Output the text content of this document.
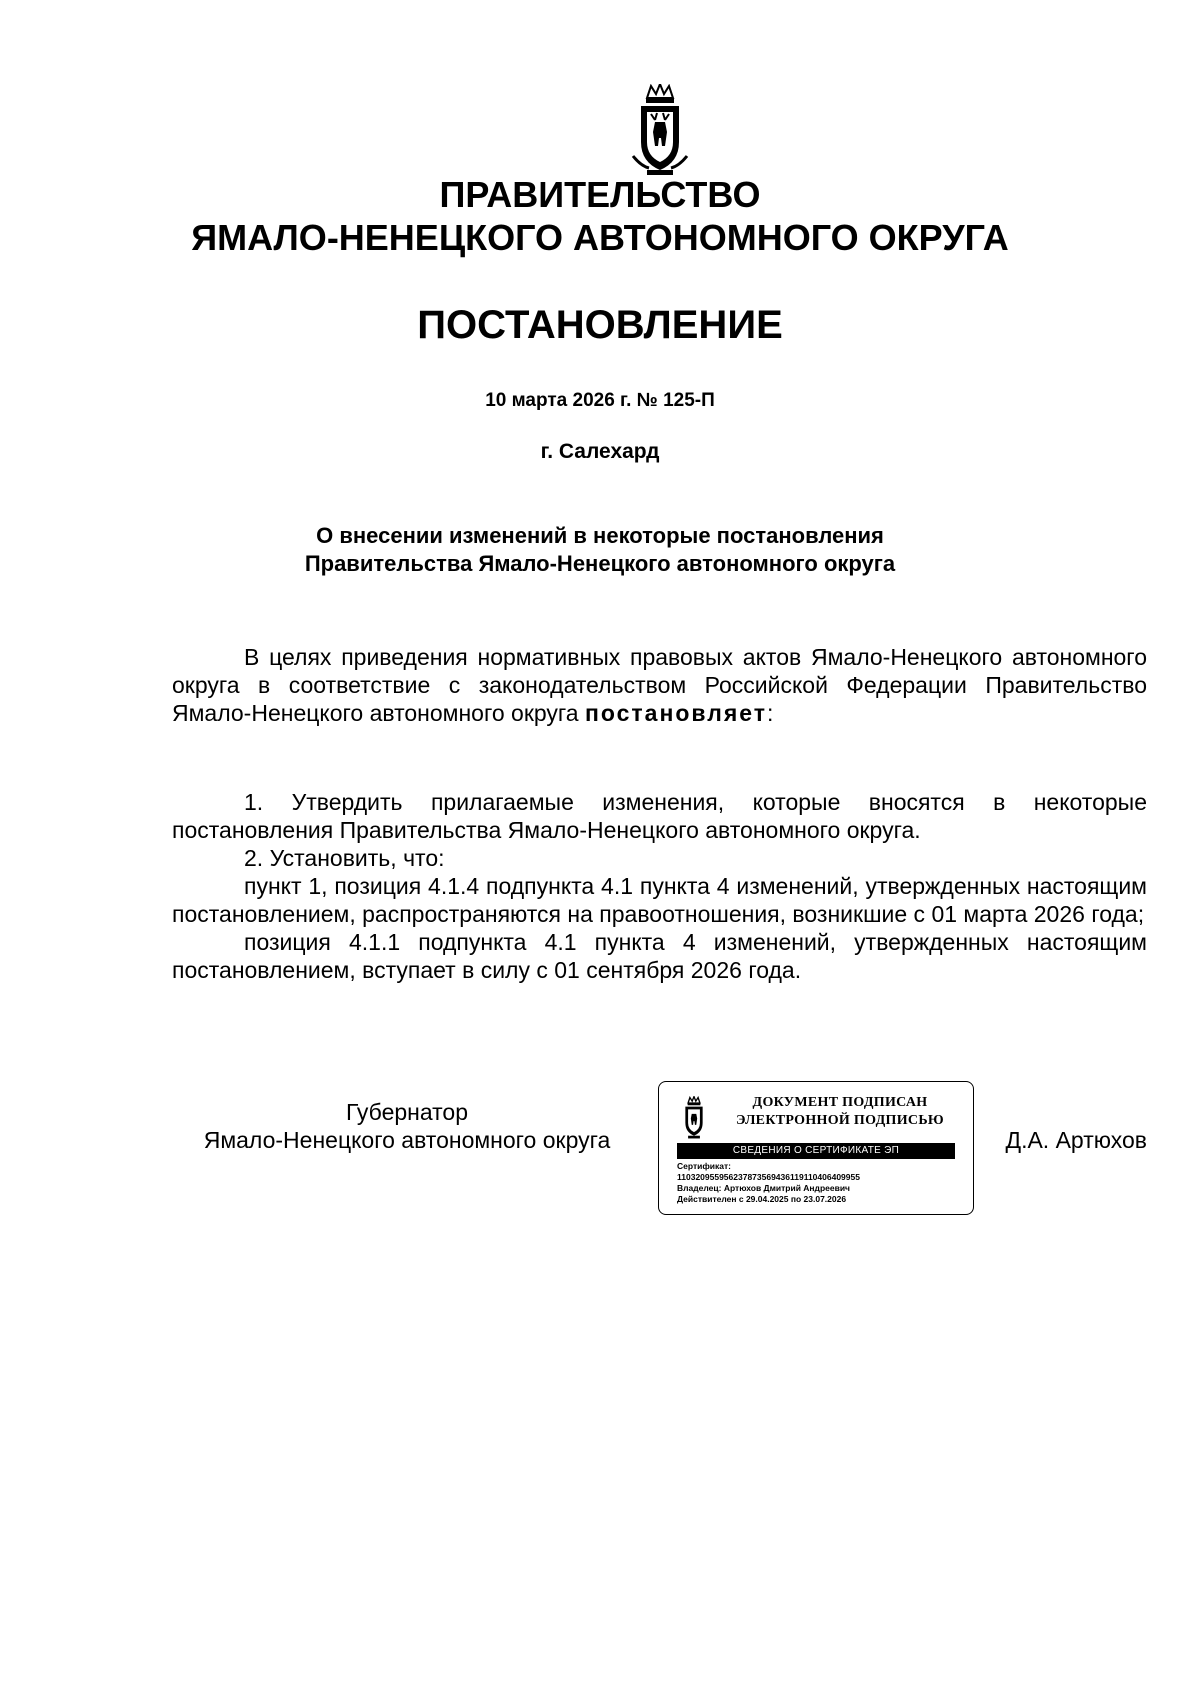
ПРАВИТЕЛЬСТВО
ЯМАЛО-НЕНЕЦКОГО АВТОНОМНОГО ОКРУГА
ПОСТАНОВЛЕНИЕ
10 марта 2026 г. № 125-П
г. Салехард
О внесении изменений в некоторые постановления
Правительства Ямало-Ненецкого автономного округа

В целях приведения нормативных правовых актов Ямало-Ненецкого автономного округа в соответствие с законодательством Российской Федерации Правительство Ямало-Ненецкого автономного округа постановляет:

1. Утвердить прилагаемые изменения, которые вносятся в некоторые постановления Правительства Ямало-Ненецкого автономного округа.

2. Установить, что:

пункт 1, позиция 4.1.4 подпункта 4.1 пункта 4 изменений, утвержденных настоящим постановлением, распространяются на правоотношения, возникшие с 01 марта 2026 года;

позиция 4.1.1 подпункта 4.1 пункта 4 изменений, утвержденных настоящим постановлением, вступает в силу с 01 сентября 2026 года.

Губернатор
Ямало-Ненецкого автономного округа
ДОКУМЕНТ ПОДПИСАН
ЭЛЕКТРОННОЙ ПОДПИСЬЮ
СВЕДЕНИЯ О СЕРТИФИКАТЕ ЭП
Сертификат:
110320955956237873569436119110406409955
Владелец: Артюхов Дмитрий Андреевич
Действителен с 29.04.2025 по 23.07.2026
Д.А. Артюхов
